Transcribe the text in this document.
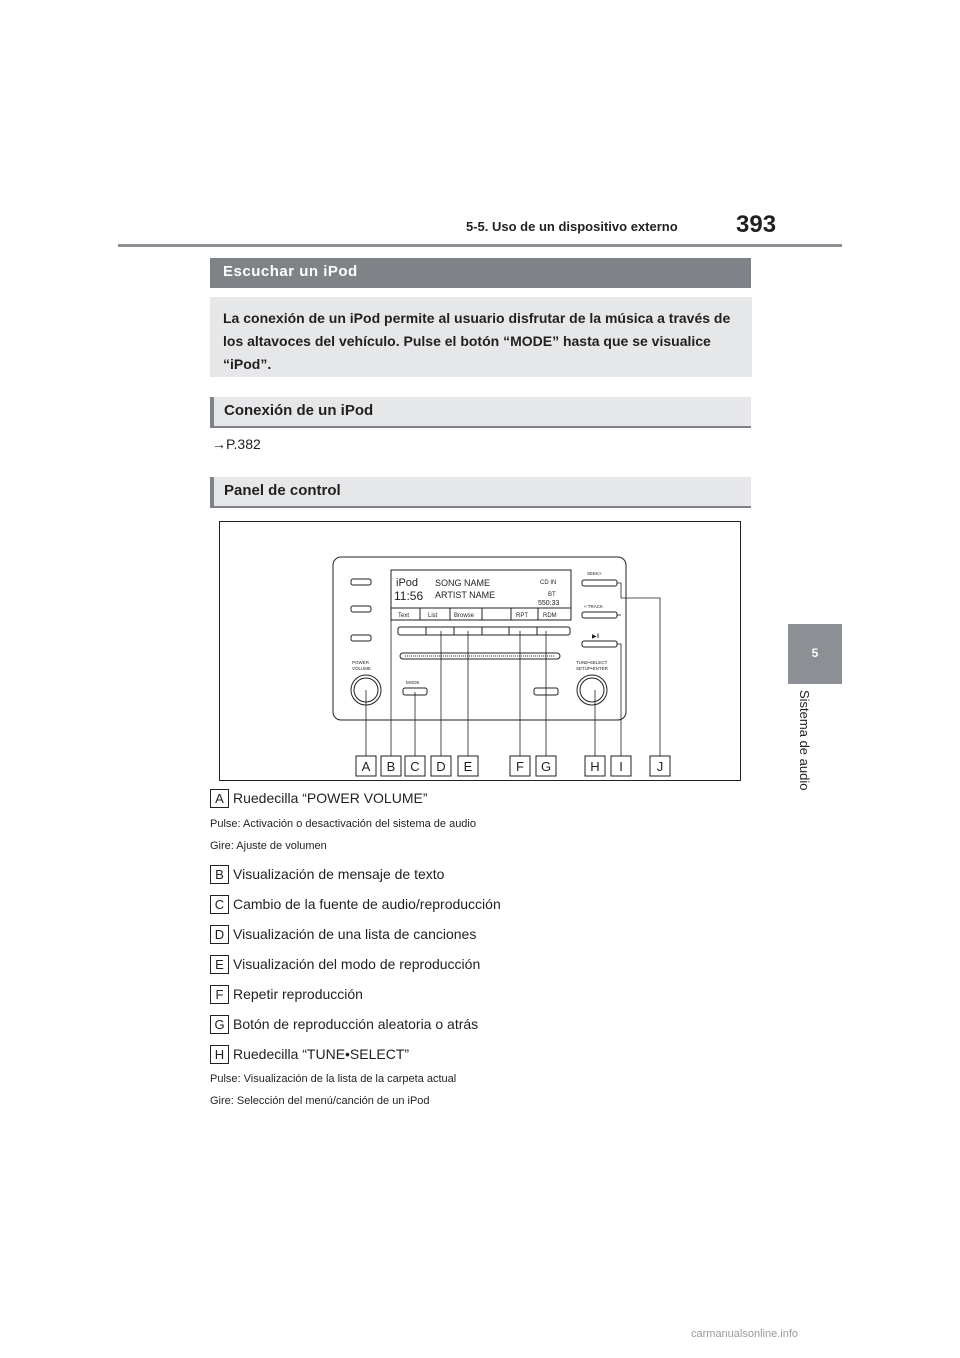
5-5. Uso de un dispositivo externo 393
5
Sistema de audio
Escuchar un iPod
La conexión de un iPod permite al usuario disfrutar de la música a través de los altavoces del vehículo. Pulse el botón “MODE” hasta que se visualice “iPod”.
Conexión de un iPod
→P.382
Panel de control
iPod
11:56
SONG NAME
ARTIST NAME
CD IN
BT
550:33
Text	List	Browse	RPT	RDM
POWER
VOLUME
TUNE•SELECT
SETUP•ENTER
MODE
SEEK>
< TRACK
▶‖
A B C D E	F G	H I	J
A Ruedecilla “POWER VOLUME”
Pulse: Activación o desactivación del sistema de audio
Gire: Ajuste de volumen
B Visualización de mensaje de texto
C Cambio de la fuente de audio/reproducción
D Visualización de una lista de canciones
E Visualización del modo de reproducción
F Repetir reproducción
G Botón de reproducción aleatoria o atrás
H Ruedecilla “TUNE•SELECT”
Pulse: Visualización de la lista de la carpeta actual
Gire: Selección del menú/canción de un iPod
carmanualsonline.info
